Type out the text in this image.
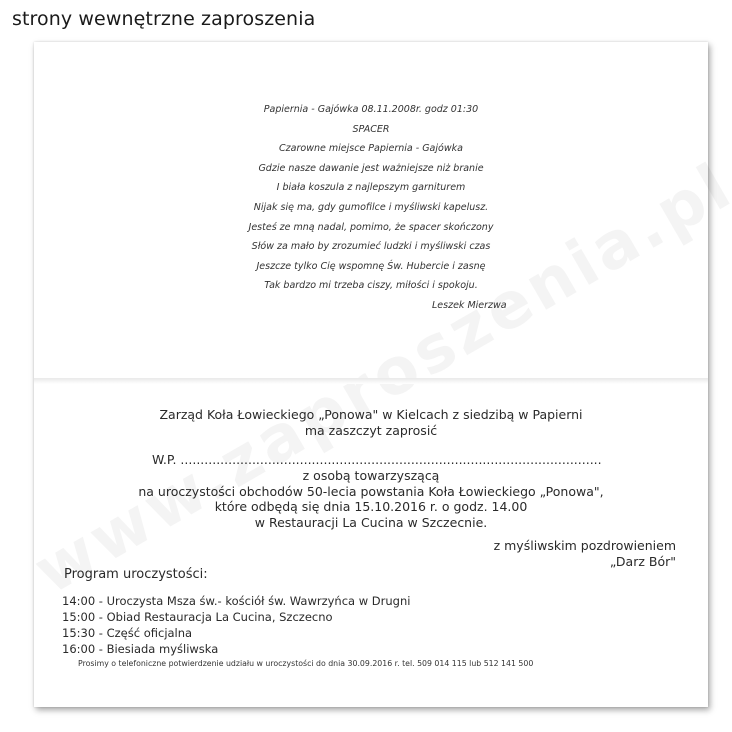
strony wewnętrzne zaproszenia
Papiernia - Gajówka 08.11.2008r. godz 01:30
SPACER
Czarowne miejsce Papiernia - Gajówka
Gdzie nasze dawanie jest ważniejsze niż branie
I biała koszula z najlepszym garniturem
Nijak się ma, gdy gumofilce i myśliwski kapelusz.
Jesteś ze mną nadal, pomimo, że spacer skończony
Słów za mało by zrozumieć ludzki i myśliwski czas
Jeszcze tylko Cię wspomnę Św. Hubercie i zasnę
Tak bardzo mi trzeba ciszy, miłości i spokoju.
Leszek Mierzwa
Zarząd Koła Łowieckiego „Ponowa" w Kielcach z siedzibą w Papierni
ma zaszczyt zaprosić
W.P. ..........................................................................................................
z osobą towarzyszącą
na uroczystości obchodów 50-lecia powstania Koła Łowieckiego „Ponowa",
które odbędą się dnia 15.10.2016 r. o godz. 14.00
w Restauracji La Cucina w Szczecnie.
z myśliwskim pozdrowieniem
„Darz Bór"
Program uroczystości:
14:00 - Uroczysta Msza św.- kościół św. Wawrzyńca w Drugni
15:00 - Obiad Restauracja La Cucina, Szczecno
15:30 - Część oficjalna
16:00 - Biesiada myśliwska
Prosimy o telefoniczne potwierdzenie udziału w uroczystości do dnia 30.09.2016 r. tel. 509 014 115 lub 512 141 500
